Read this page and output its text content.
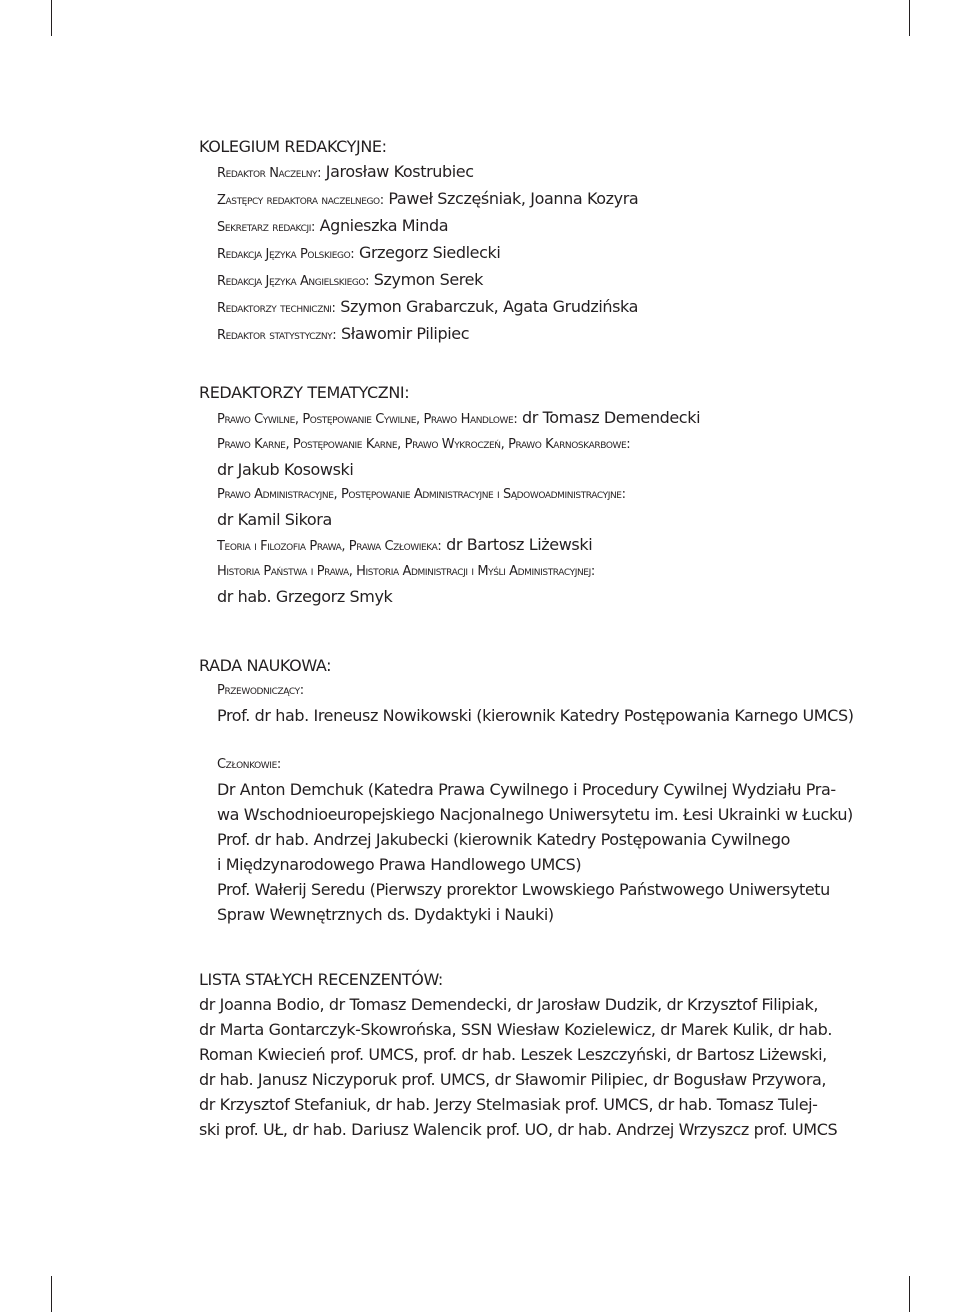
KOLEGIUM REDAKCYJNE:
Redaktor Naczelny: Jarosław Kostrubiec
Zastępcy redaktora naczelnego: Paweł Szczęśniak, Joanna Kozyra
Sekretarz redakcji: Agnieszka Minda
Redakcja Języka Polskiego: Grzegorz Siedlecki
Redakcja Języka Angielskiego: Szymon Serek
Redaktorzy techniczni: Szymon Grabarczuk, Agata Grudzińska
Redaktor statystyczny: Sławomir Pilipiec
REDAKTORZY TEMATYCZNI:
Prawo Cywilne, Postępowanie Cywilne, Prawo Handlowe: dr Tomasz Demendecki
Prawo Karne, Postępowanie Karne, Prawo Wykroczeń, Prawo Karnoskarbowe:
dr Jakub Kosowski
Prawo Administracyjne, Postępowanie Administracyjne i Sądowoadministracyjne:
dr Kamil Sikora
Teoria i Filozofia Prawa, Prawa Człowieka: dr Bartosz Liżewski
Historia Państwa i Prawa, Historia Administracji i Myśli Administracyjnej:
dr hab. Grzegorz Smyk
RADA NAUKOWA:
Przewodniczący:
Prof. dr hab. Ireneusz Nowikowski (kierownik Katedry Postępowania Karnego UMCS)
Członkowie:
Dr Anton Demchuk (Katedra Prawa Cywilnego i Procedury Cywilnej Wydziału Pra-
wa Wschodnioeuropejskiego Nacjonalnego Uniwersytetu im. Łesi Ukrainki w Łucku)
Prof. dr hab. Andrzej Jakubecki (kierownik Katedry Postępowania Cywilnego
i Międzynarodowego Prawa Handlowego UMCS)
Prof. Wałerij Seredu (Pierwszy prorektor Lwowskiego Państwowego Uniwersytetu
Spraw Wewnętrznych ds. Dydaktyki i Nauki)
LISTA STAŁYCH RECENZENTÓW:
dr Joanna Bodio, dr Tomasz Demendecki, dr Jarosław Dudzik, dr Krzysztof Filipiak,
dr Marta Gontarczyk-Skowrońska, SSN Wiesław Kozielewicz, dr Marek Kulik, dr hab.
Roman Kwiecień prof. UMCS, prof. dr hab. Leszek Leszczyński, dr Bartosz Liżewski,
dr hab. Janusz Niczyporuk prof. UMCS, dr Sławomir Pilipiec, dr Bogusław Przywora,
dr Krzysztof Stefaniuk, dr hab. Jerzy Stelmasiak prof. UMCS, dr hab. Tomasz Tulej-
ski prof. UŁ, dr hab. Dariusz Walencik prof. UO, dr hab. Andrzej Wrzyszcz prof. UMCS
